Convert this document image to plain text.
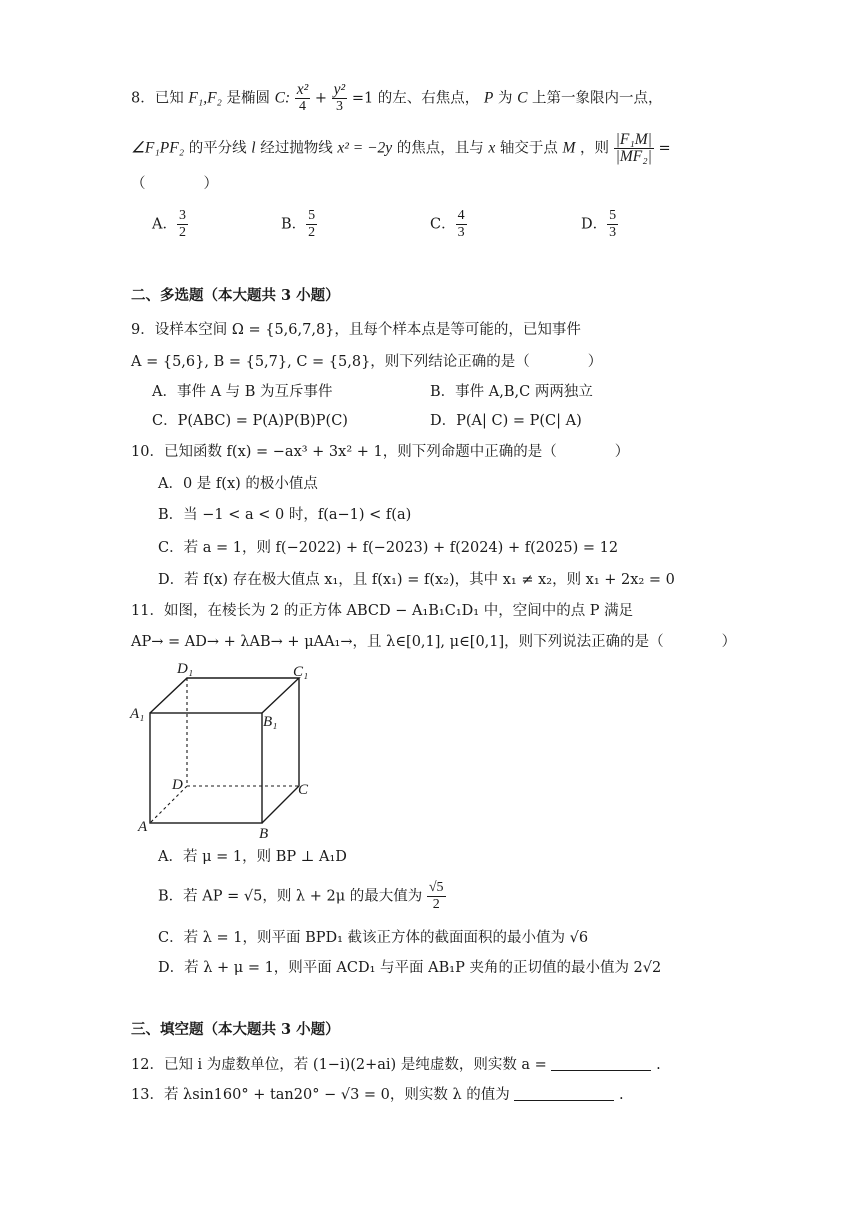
8．已知 F₁,F₂ 是椭圆 C: $\frac{\text{x²}}{4} + \frac{\text{y²}}{3} =1$ 的左、右焦点， P 为 C 上第一象限内一点，
∠F₁PF₂ 的平分线 l 经过抛物线 x² = −2y 的焦点，且与 x 轴交于点 M ，则 $\frac{\text{|F₁M|}}{\text{|MF₂|}}$ =
（　　　　）
A． $\frac{3}{2}$	B． $\frac{5}{2}$	C． $\frac{4}{3}$	D． $\frac{5}{3}$
二、多选题（本大题共 3 小题）
9．设样本空间 Ω = {5,6,7,8}，且每个样本点是等可能的，已知事件
A = {5,6}, B = {5,7}, C = {5,8}，则下列结论正确的是（　　　　）
A．事件 A 与 B 为互斥事件	B．事件 A,B,C 两两独立
C．P(ABC) = P(A)P(B)P(C)	D．P(A| C) = P(C| A)
10．已知函数 f(x) = −ax³ + 3x² + 1，则下列命题中正确的是（　　　　）
A．0 是 f(x) 的极小值点
B．当 −1 < a < 0 时，f(a−1) < f(a)
C．若 a = 1，则 f(−2022) + f(−2023) + f(2024) + f(2025) = 12
D．若 f(x) 存在极大值点 x₁，且 f(x₁) = f(x₂)，其中 x₁ ≠ x₂，则 x₁ + 2x₂ = 0
11．如图，在棱长为 2 的正方体 ABCD − A₁B₁C₁D₁ 中，空间中的点 P 满足
AP→ = AD→ + λAB→ + μAA₁→，且 λ∈[0,1], μ∈[0,1]，则下列说法正确的是（　　　　）
D₁	C₁
A₁	B₁
D	C
A	B
A．若 μ = 1，则 BP ⊥ A₁D
B．若 AP = √5，则 λ + 2μ 的最大值为 $\frac{√5}{2}$
C．若 λ = 1，则平面 BPD₁ 截该正方体的截面面积的最小值为 √6
D．若 λ + μ = 1，则平面 ACD₁ 与平面 AB₁P 夹角的正切值的最小值为 2√2
三、填空题（本大题共 3 小题）
12．已知 i 为虚数单位，若 (1−i)(2+ai) 是纯虚数，则实数 a =	.
13．若 λsin160° + tan20° − √3 = 0，则实数 λ 的值为	.
